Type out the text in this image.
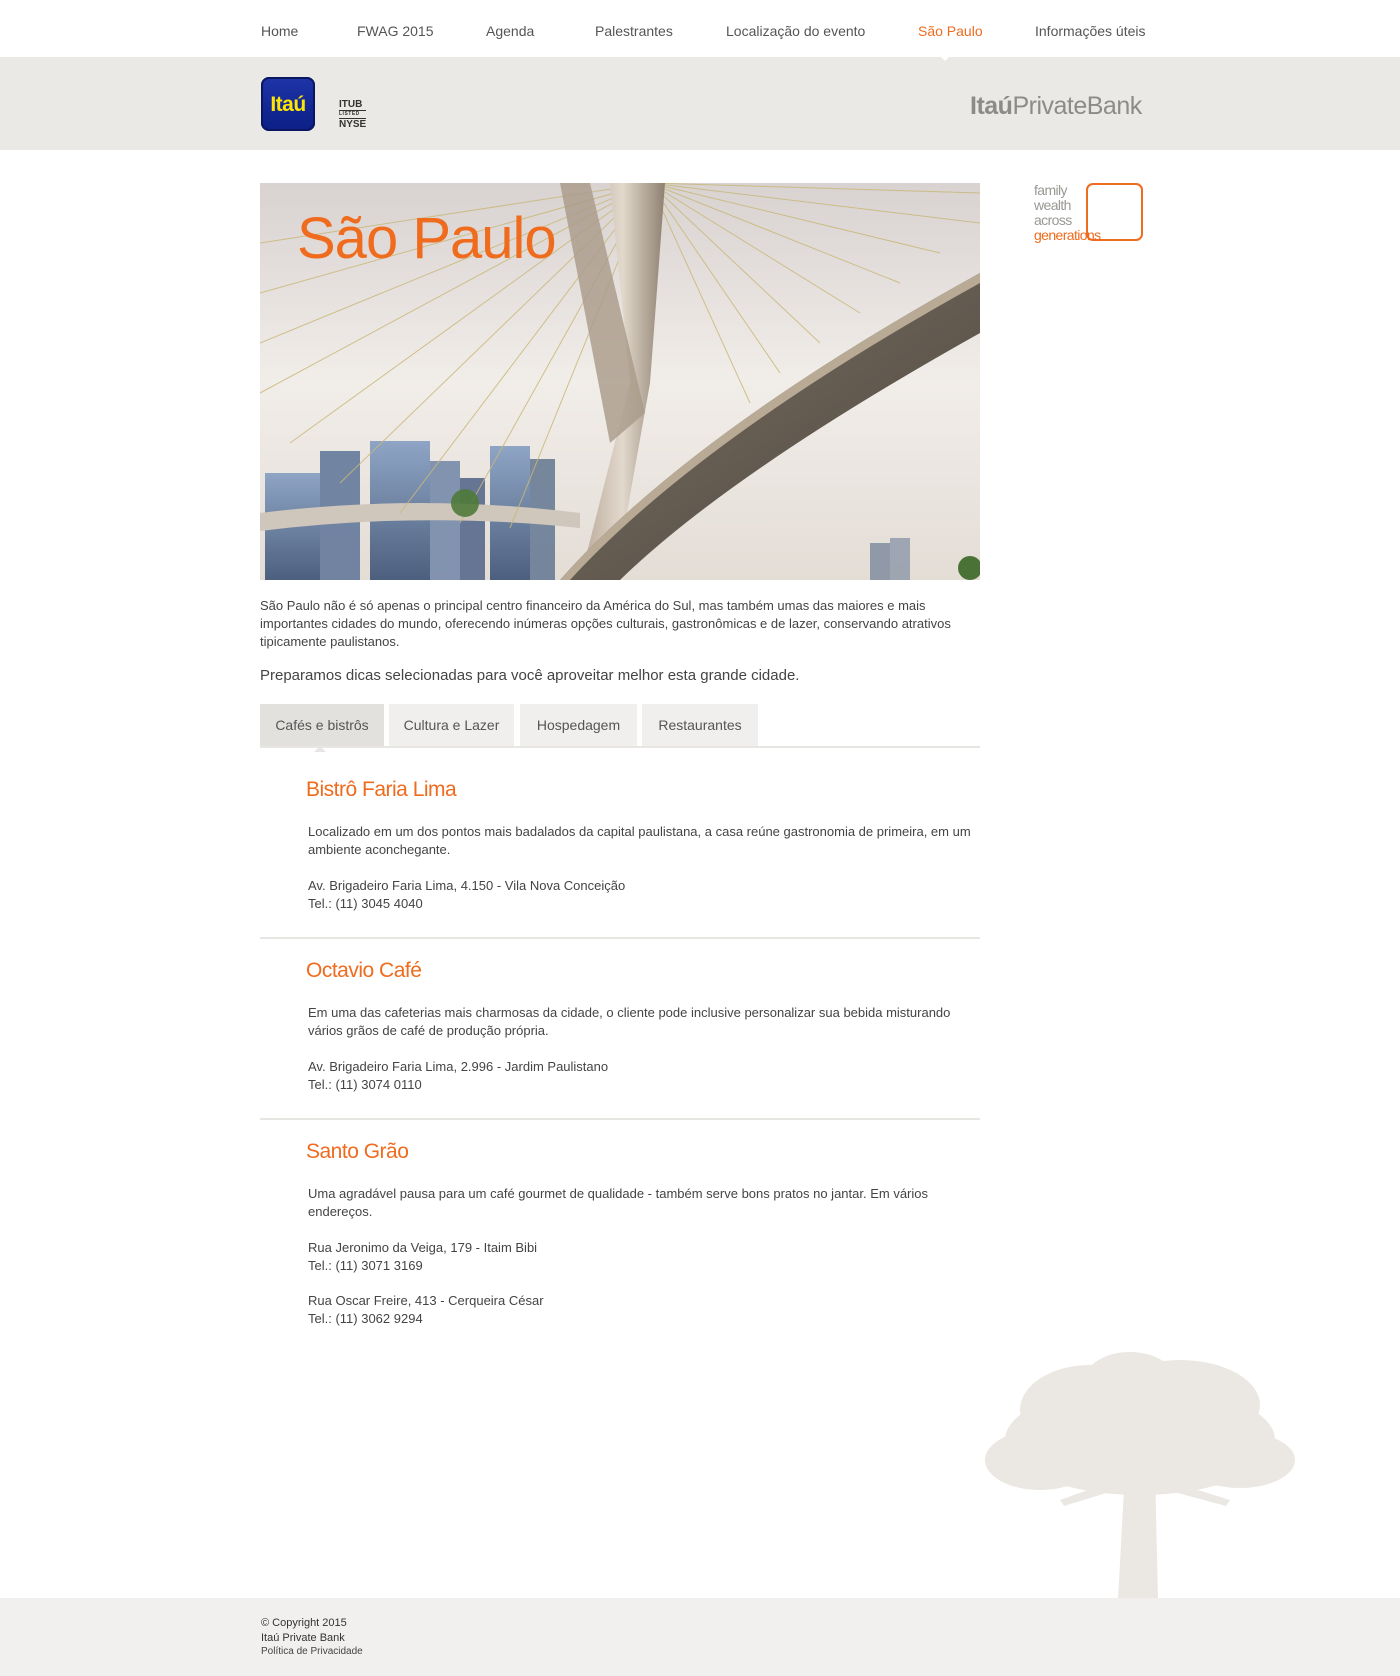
Home	FWAG 2015	Agenda	Palestrantes	Localização do evento	São Paulo	Informações úteis
Itaú	ITUB
LISTED
NYSE
ItaúPrivateBank
family
wealth
across
generations
São Paulo

São Paulo não é só apenas o principal centro financeiro da América do Sul, mas também umas das maiores e mais importantes cidades do mundo, oferecendo inúmeras opções culturais, gastronômicas e de lazer, conservando atrativos tipicamente paulistanos.

Preparamos dicas selecionadas para você aproveitar melhor esta grande cidade.

Cafés e bistrôs	Cultura e Lazer	Hospedagem	Restaurantes
Bistrô Faria Lima

Localizado em um dos pontos mais badalados da capital paulistana, a casa reúne gastronomia de primeira, em um ambiente aconchegante.

Av. Brigadeiro Faria Lima, 4.150 - Vila Nova Conceição

Tel.: (11) 3045 4040

Octavio Café

Em uma das cafeterias mais charmosas da cidade, o cliente pode inclusive personalizar sua bebida misturando vários grãos de café de produção própria.

Av. Brigadeiro Faria Lima, 2.996 - Jardim Paulistano

Tel.: (11) 3074 0110

Santo Grão

Uma agradável pausa para um café gourmet de qualidade - também serve bons pratos no jantar. Em vários endereços.

Rua Jeronimo da Veiga, 179 - Itaim Bibi

Tel.: (11) 3071 3169

Rua Oscar Freire, 413 - Cerqueira César

Tel.: (11) 3062 9294

© Copyright 2015
Itaú Private Bank
Política de Privacidade
